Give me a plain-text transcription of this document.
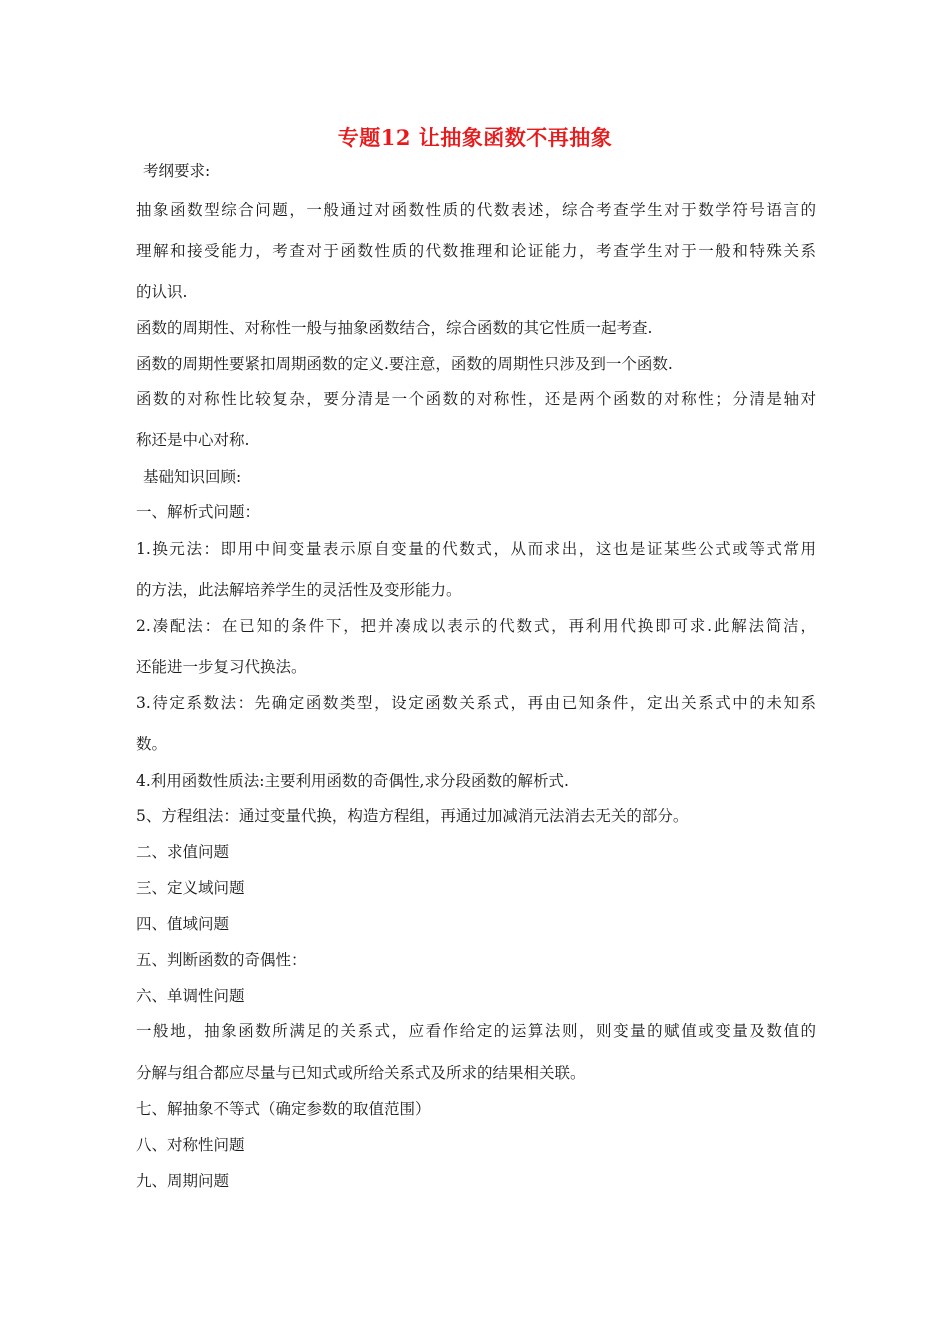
专题12 让抽象函数不再抽象
考纲要求:
抽象函数型综合问题，一般通过对函数性质的代数表述，综合考查学生对于数学符号语言的
理解和接受能力，考查对于函数性质的代数推理和论证能力，考查学生对于一般和特殊关系
的认识.
函数的周期性、对称性一般与抽象函数结合，综合函数的其它性质一起考查.
函数的周期性要紧扣周期函数的定义.要注意，函数的周期性只涉及到一个函数.
函数的对称性比较复杂，要分清是一个函数的对称性，还是两个函数的对称性；分清是轴对
称还是中心对称.
基础知识回顾:
一、解析式问题：
1.换元法：即用中间变量表示原自变量的代数式，从而求出，这也是证某些公式或等式常用
的方法，此法解培养学生的灵活性及变形能力。
2.凑配法：在已知的条件下，把并凑成以表示的代数式，再利用代换即可求.此解法简洁，
还能进一步复习代换法。
3.待定系数法：先确定函数类型，设定函数关系式，再由已知条件，定出关系式中的未知系
数。
4.利用函数性质法:主要利用函数的奇偶性,求分段函数的解析式.
5、方程组法：通过变量代换，构造方程组，再通过加减消元法消去无关的部分。
二、求值问题
三、定义域问题
四、值域问题
五、判断函数的奇偶性：
六、单调性问题
一般地，抽象函数所满足的关系式，应看作给定的运算法则，则变量的赋值或变量及数值的
分解与组合都应尽量与已知式或所给关系式及所求的结果相关联。
七、解抽象不等式（确定参数的取值范围）
八、对称性问题
九、周期问题
